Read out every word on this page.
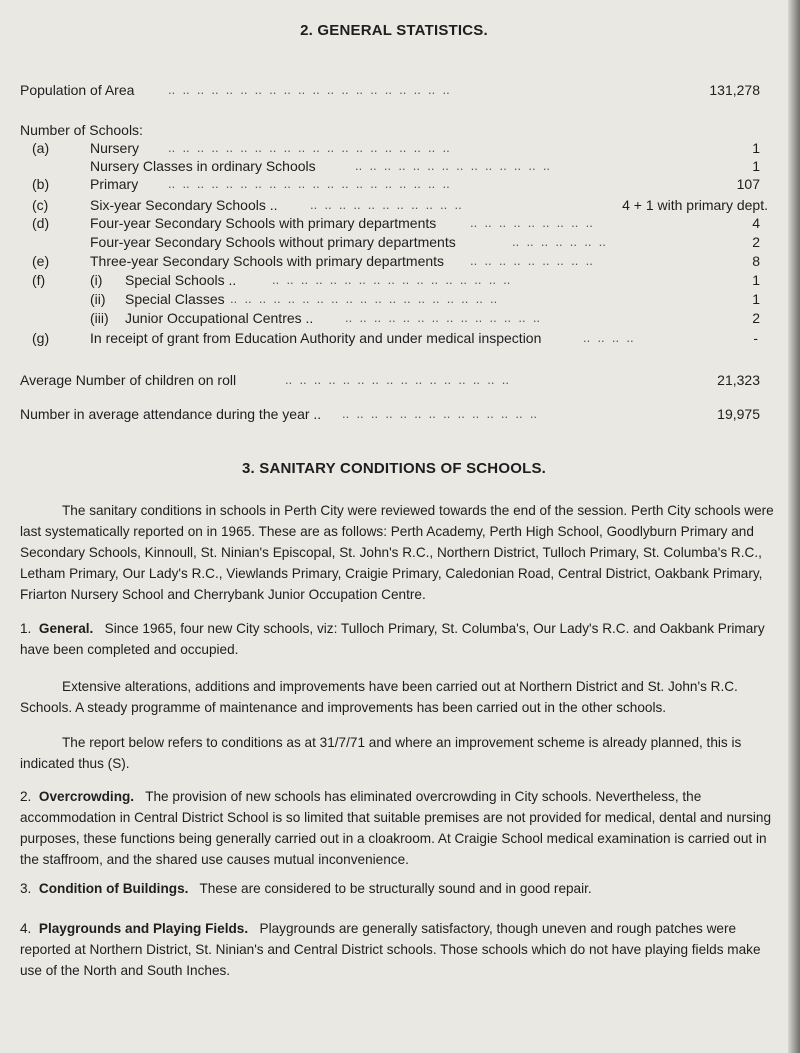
2. GENERAL STATISTICS.
Population of Area	..  ..  ..  ..  ..  ..  ..  ..  ..  ..  ..  ..  ..  ..  ..  ..  ..  ..  ..  ..	131,278
Number of Schools:
(a)	Nursery ..  ..  ..  ..  ..  ..  ..  ..  ..  ..  ..  ..  ..  ..  ..  ..  ..  ..  ..  ..	1
Nursery Classes in ordinary Schools	..  ..  ..  ..  ..  ..  ..  ..  ..  ..  ..  ..  ..  ..	1
(b)	Primary ..  ..  ..  ..  ..  ..  ..  ..  ..  ..  ..  ..  ..  ..  ..  ..  ..  ..  ..  ..	107
(c)	Six-year Secondary Schools .. ..  ..  ..  ..  ..  ..  ..  ..  ..  ..  ..	4 + 1 with primary dept.
(d)	Four-year Secondary Schools with primary departments	..  ..  ..  ..  ..  ..  ..  ..  ..	4
Four-year Secondary Schools without primary departments	..  ..  ..  ..  ..  ..  ..	2
(e)	Three-year Secondary Schools with primary departments ..  ..  ..  ..  ..  ..  ..  ..  ..	8
(f)	(i) Special Schools ..	..  ..  ..  ..  ..  ..  ..  ..  ..  ..  ..  ..  ..  ..  ..  ..  ..	1
(ii) Special Classes ..  ..  ..  ..  ..  ..  ..  ..  ..  ..  ..  ..  ..  ..  ..  ..  ..  ..  ..	1
(iii) Junior Occupational Centres .. ..  ..  ..  ..  ..  ..  ..  ..  ..  ..  ..  ..  ..  ..	2
(g)	In receipt of grant from Education Authority and under medical inspection	..  ..  ..  ..	-
Average Number of children on roll	..  ..  ..  ..  ..  ..  ..  ..  ..  ..  ..  ..  ..  ..  ..  ..	21,323
Number in average attendance during the year .. ..  ..  ..  ..  ..  ..  ..  ..  ..  ..  ..  ..  ..  ..	19,975
3. SANITARY CONDITIONS OF SCHOOLS.

The sanitary conditions in schools in Perth City were reviewed towards the end of the session. Perth City schools were last systematically reported on in 1965. These are as follows: Perth Academy, Perth High School, Goodlyburn Primary and Secondary Schools, Kinnoull, St. Ninian's Episcopal, St. John's R.C., Northern District, Tulloch Primary, St. Columba's R.C., Letham Primary, Our Lady's R.C., Viewlands Primary, Craigie Primary, Caledonian Road, Central District, Oakbank Primary, Friarton Nursery School and Cherrybank Junior Occupation Centre.

1. General. Since 1965, four new City schools, viz: Tulloch Primary, St. Columba's, Our Lady's R.C. and Oakbank Primary have been completed and occupied.

Extensive alterations, additions and improvements have been carried out at Northern District and St. John's R.C. Schools. A steady programme of maintenance and improvements has been carried out in the other schools.

The report below refers to conditions as at 31/7/71 and where an improvement scheme is already planned, this is indicated thus (S).

2. Overcrowding. The provision of new schools has eliminated overcrowding in City schools. Nevertheless, the accommodation in Central District School is so limited that suitable premises are not provided for medical, dental and nursing purposes, these functions being generally carried out in a cloakroom. At Craigie School medical examination is carried out in the staffroom, and the shared use causes mutual inconvenience.

3. Condition of Buildings. These are considered to be structurally sound and in good repair.

4. Playgrounds and Playing Fields. Playgrounds are generally satisfactory, though uneven and rough patches were reported at Northern District, St. Ninian's and Central District schools. Those schools which do not have playing fields make use of the North and South Inches.
